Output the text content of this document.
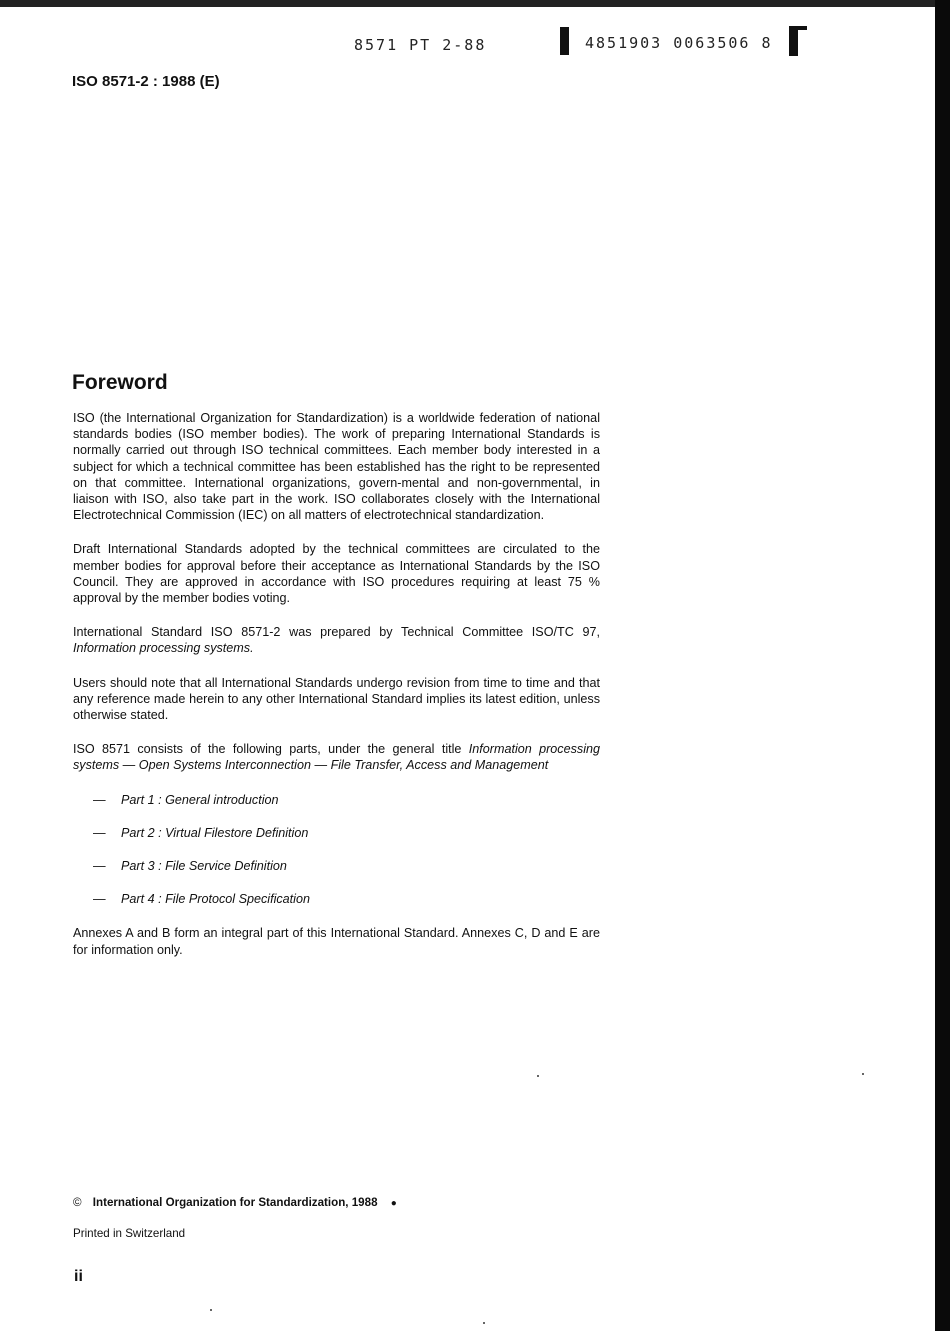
8571 PT 2-88	4851903 0063506 8
ISO 8571-2 : 1988 (E)
Foreword

ISO (the International Organization for Standardization) is a worldwide federation of national standards bodies (ISO member bodies). The work of preparing International Standards is normally carried out through ISO technical committees. Each member body interested in a subject for which a technical committee has been established has the right to be represented on that committee. International organizations, govern-mental and non-governmental, in liaison with ISO, also take part in the work. ISO collaborates closely with the International Electrotechnical Commission (IEC) on all matters of electrotechnical standardization.

Draft International Standards adopted by the technical committees are circulated to the member bodies for approval before their acceptance as International Standards by the ISO Council. They are approved in accordance with ISO procedures requiring at least 75 % approval by the member bodies voting.

International Standard ISO 8571-2 was prepared by Technical Committee ISO/TC 97, Information processing systems.

Users should note that all International Standards undergo revision from time to time and that any reference made herein to any other International Standard implies its latest edition, unless otherwise stated.

ISO 8571 consists of the following parts, under the general title Information processing systems — Open Systems Interconnection — File Transfer, Access and Management

—	Part 1 : General introduction
—	Part 2 : Virtual Filestore Definition
—	Part 3 : File Service Definition
—	Part 4 : File Protocol Specification

Annexes A and B form an integral part of this International Standard. Annexes C, D and E are for information only.

© International Organization for Standardization, 1988 ●
Printed in Switzerland
ii
